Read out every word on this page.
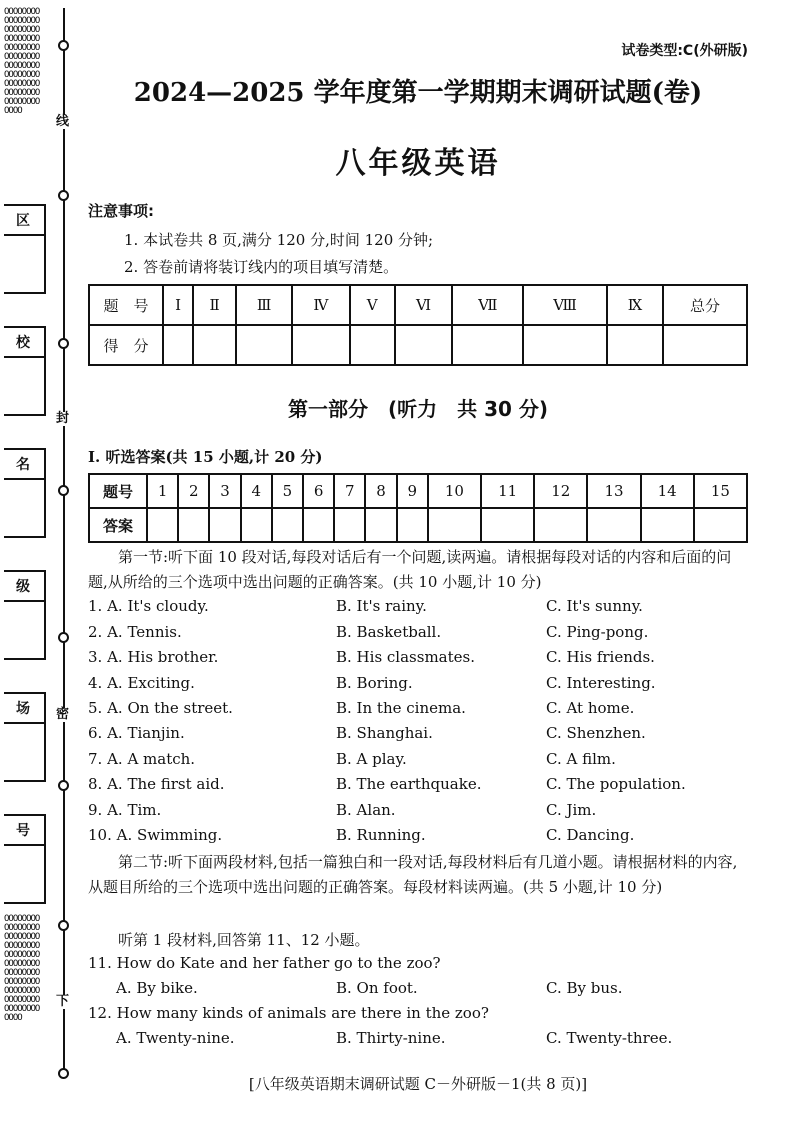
OOOOOOOOOOOOOOOOOOOOOOOOOOOOOOOOOOOOOOOOOOOOOOOOOOOOOOOOOOOOOOOOOOOOOOOOOOOOOOOOOOOOOOOOOOOO
OOOOOOOOOOOOOOOOOOOOOOOOOOOOOOOOOOOOOOOOOOOOOOOOOOOOOOOOOOOOOOOOOOOOOOOOOOOOOOOOOOOOOOOOOOOO
线
封
密
下
区
校
名
级
场
号
试卷类型:C(外研版)
2024—2025 学年度第一学期期末调研试题(卷)
八年级英语
注意事项:
1. 本试卷共 8 页,满分 120 分,时间 120 分钟;
2. 答卷前请将装订线内的项目填写清楚。
题　号	Ⅰ	Ⅱ	Ⅲ	Ⅳ	Ⅴ	Ⅵ	Ⅶ	Ⅷ	Ⅸ	总分
得　分										
第一部分　(听力　共 30 分)
Ⅰ. 听选答案(共 15 小题,计 20 分)
题号	1	2	3	4	5	6	7	8	9	10	11	12	13	14	15
答案															
第一节:听下面 10 段对话,每段对话后有一个问题,读两遍。请根据每段对话的内容和后面的问题,从所给的三个选项中选出问题的正确答案。(共 10 小题,计 10 分)
1. A. It's cloudy.	B. It's rainy.	C. It's sunny.
2. A. Tennis.	B. Basketball.	C. Ping-pong.
3. A. His brother.	B. His classmates.	C. His friends.
4. A. Exciting.	B. Boring.	C. Interesting.
5. A. On the street.	B. In the cinema.	C. At home.
6. A. Tianjin.	B. Shanghai.	C. Shenzhen.
7. A. A match.	B. A play.	C. A film.
8. A. The first aid.	B. The earthquake.	C. The population.
9. A. Tim.	B. Alan.	C. Jim.
10. A. Swimming.	B. Running.	C. Dancing.
第二节:听下面两段材料,包括一篇独白和一段对话,每段材料后有几道小题。请根据材料的内容,从题目所给的三个选项中选出问题的正确答案。每段材料读两遍。(共 5 小题,计 10 分)
听第 1 段材料,回答第 11、12 小题。
11. How do Kate and her father go to the zoo?
A. By bike.	B. On foot.	C. By bus.
12. How many kinds of animals are there in the zoo?
A. Twenty-nine.	B. Thirty-nine.	C. Twenty-three.
[八年级英语期末调研试题 C－外研版－1(共 8 页)]
